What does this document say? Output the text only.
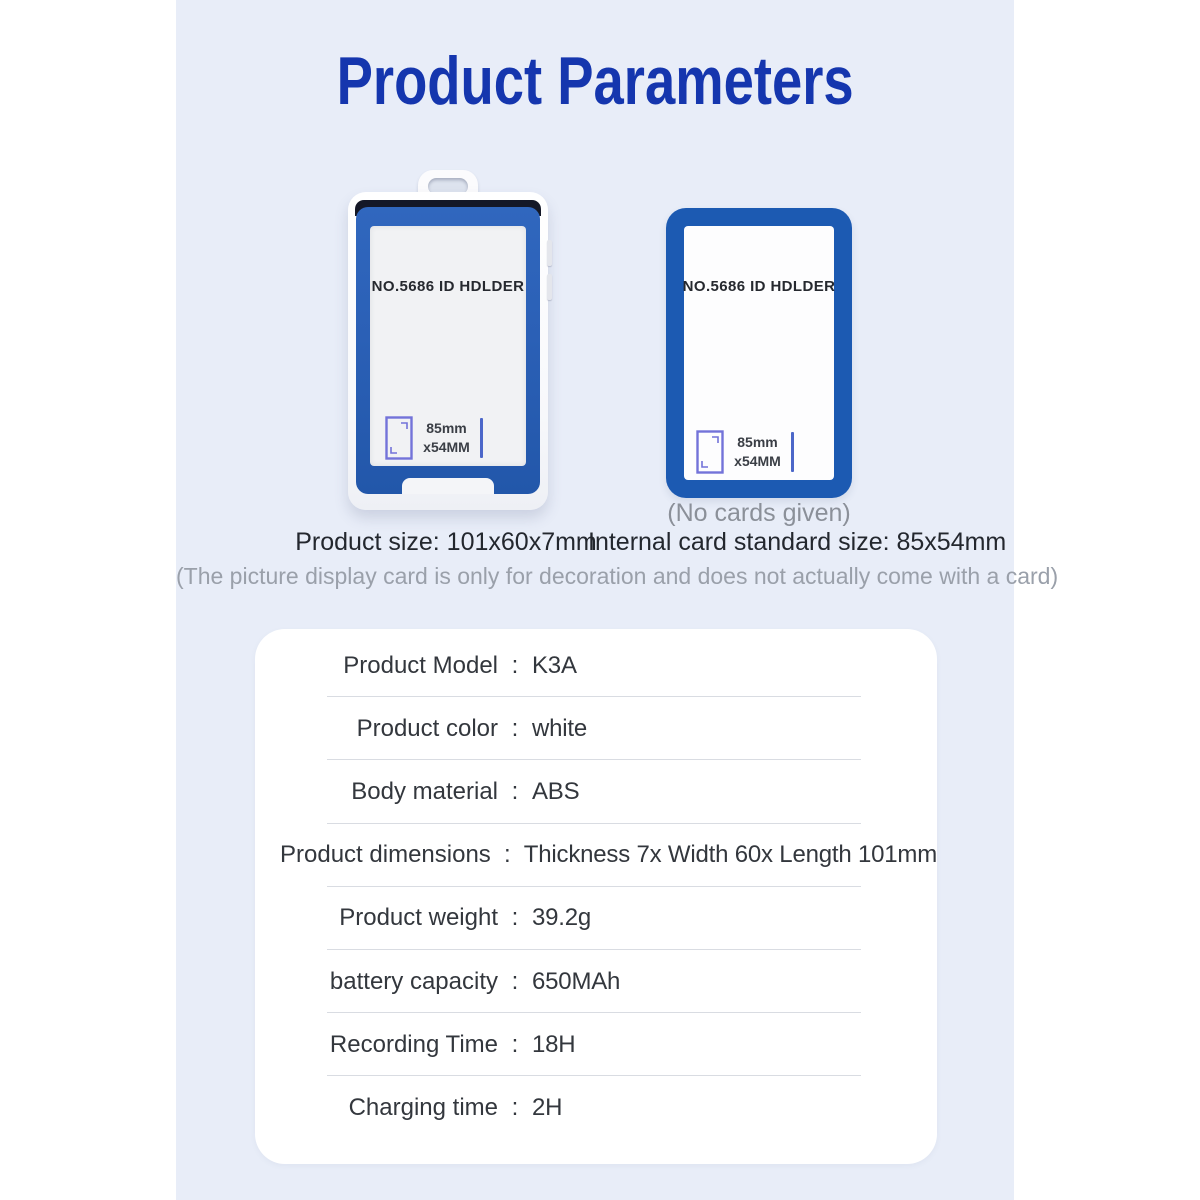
Product Parameters
NO.5686 ID HDLDER
85mm
x54MM
NO.5686 ID HDLDER
85mm
x54MM
(No cards given)
Product size: 101x60x7mm
Internal card standard size: 85x54mm
(The picture display card is only for decoration and does not actually come with a card)
Product Model : K3A
Product color : white
Body material : ABS
Product dimensions : Thickness 7x Width 60x Length 101mm
Product weight : 39.2g
battery capacity : 650MAh
Recording Time : 18H
Charging time : 2H
